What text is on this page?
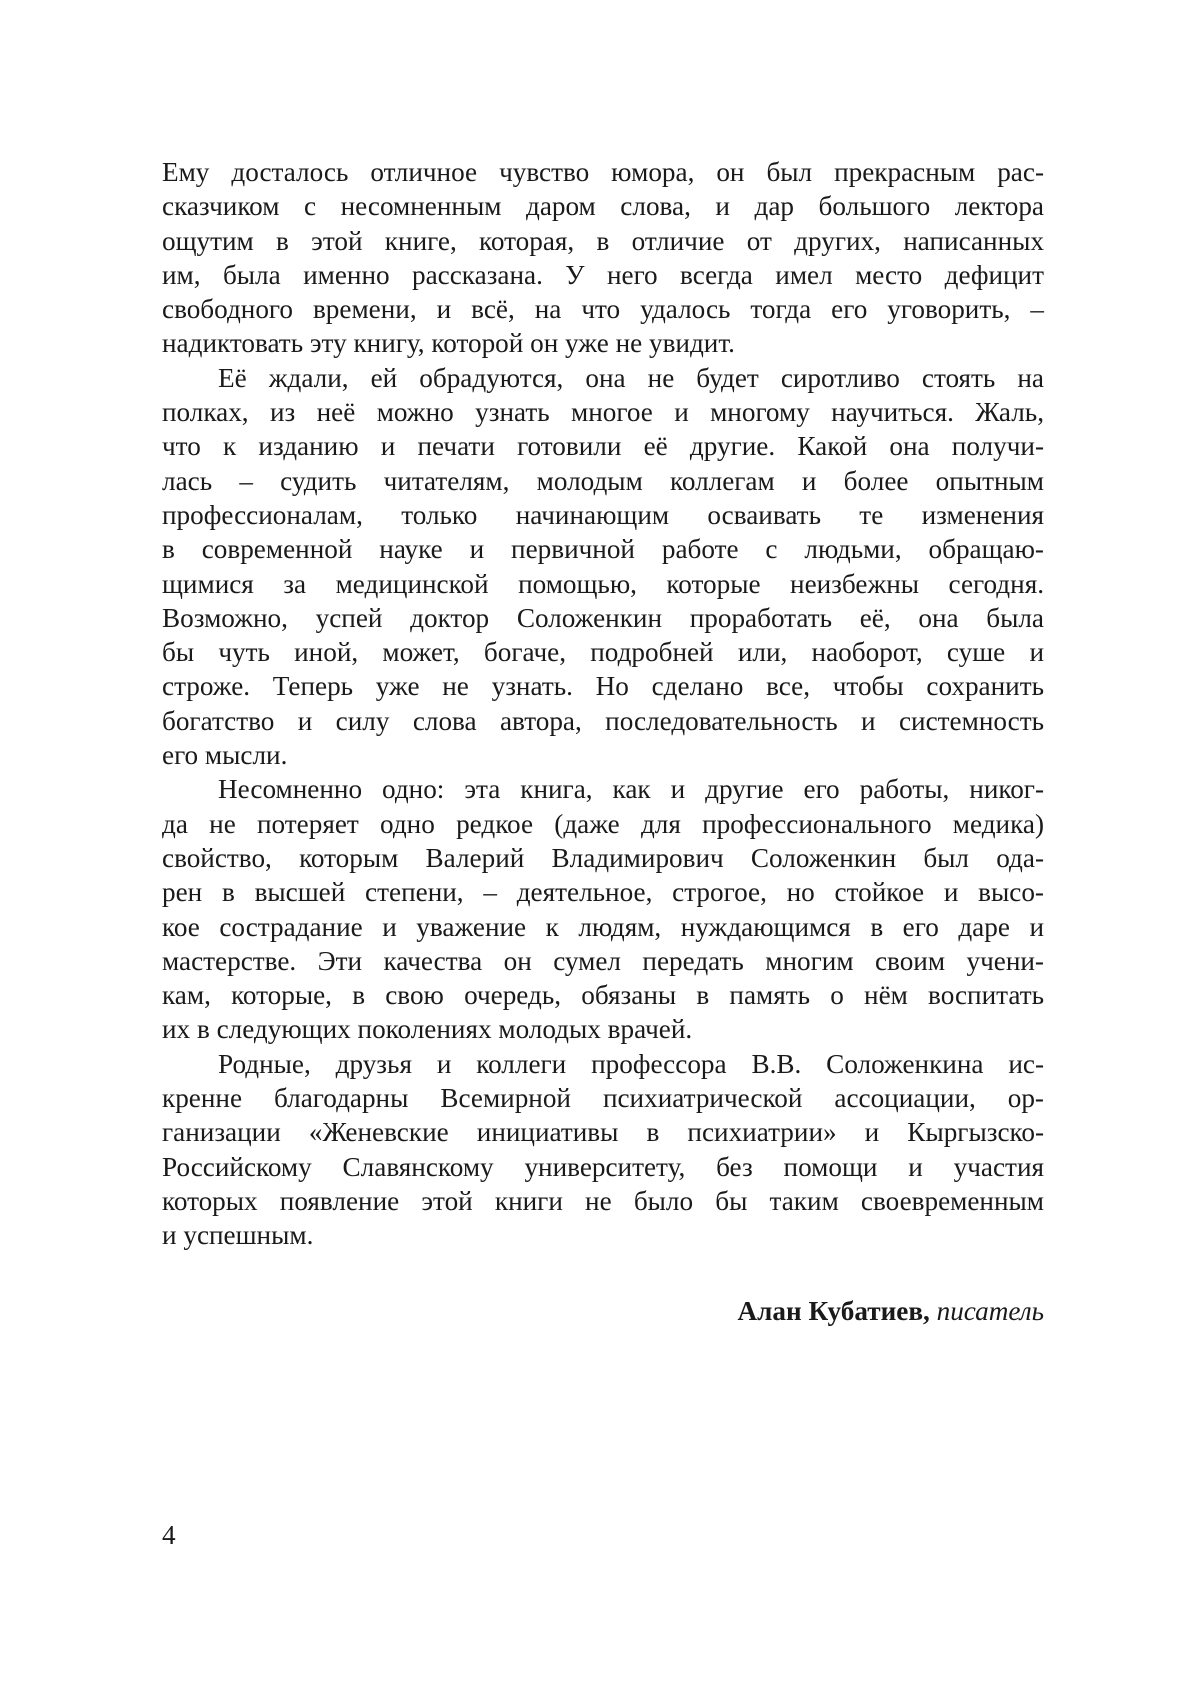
Ему досталось отличное чувство юмора, он был прекрасным рас-
сказчиком с несомненным даром слова, и дар большого лектора
ощутим в этой книге, которая, в отличие от других, написанных
им, была именно рассказана. У него всегда имел место дефицит
свободного времени, и всё, на что удалось тогда его уговорить, –
надиктовать эту книгу, которой он уже не увидит.
Её ждали, ей обрадуются, она не будет сиротливо стоять на
полках, из неё можно узнать многое и многому научиться. Жаль,
что к изданию и печати готовили её другие. Какой она получи-
лась – судить читателям, молодым коллегам и более опытным
профессионалам, только начинающим осваивать те изменения
в современной науке и первичной работе с людьми, обращаю-
щимися за медицинской помощью, которые неизбежны сегодня.
Возможно, успей доктор Соложенкин проработать её, она была
бы чуть иной, может, богаче, подробней или, наоборот, суше и
строже. Теперь уже не узнать. Но сделано все, чтобы сохранить
богатство и силу слова автора, последовательность и системность
его мысли.
Несомненно одно: эта книга, как и другие его работы, никог-
да не потеряет одно редкое (даже для профессионального медика)
свойство, которым Валерий Владимирович Соложенкин был ода-
рен в высшей степени, – деятельное, строгое, но стойкое и высо-
кое сострадание и уважение к людям, нуждающимся в его даре и
мастерстве. Эти качества он сумел передать многим своим учени-
кам, которые, в свою очередь, обязаны в память о нём воспитать
их в следующих поколениях молодых врачей.
Родные, друзья и коллеги профессора В.В. Соложенкина ис-
кренне благодарны Всемирной психиатрической ассоциации, ор-
ганизации «Женевские инициативы в психиатрии» и Кыргызско-
Российскому Славянскому университету, без помощи и участия
которых появление этой книги не было бы таким своевременным
и успешным.
Алан Кубатиев, писатель
4
